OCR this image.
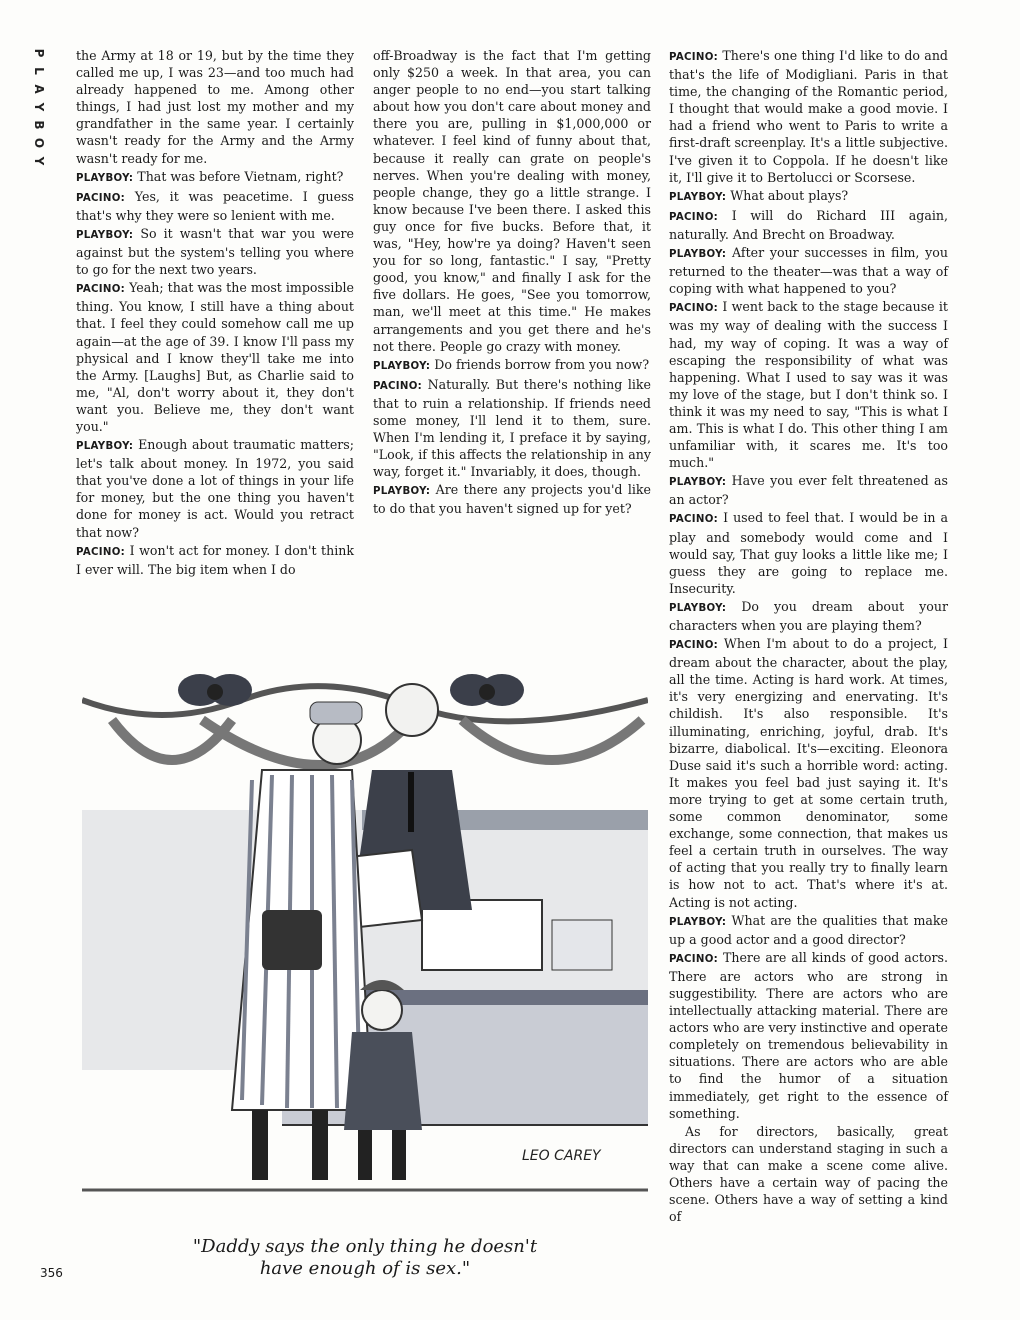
P
L
A
Y
B
O
Y

the Army at 18 or 19, but by the time they called me up, I was 23—and too much had already happened to me. Among other things, I had just lost my mother and my grandfather in the same year. I certainly wasn't ready for the Army and the Army wasn't ready for me.

PLAYBOY: That was before Vietnam, right?

PACINO: Yes, it was peacetime. I guess that's why they were so lenient with me.

PLAYBOY: So it wasn't that war you were against but the system's telling you where to go for the next two years.

PACINO: Yeah; that was the most impossible thing. You know, I still have a thing about that. I feel they could somehow call me up again—at the age of 39. I know I'll pass my physical and I know they'll take me into the Army. [Laughs] But, as Charlie said to me, "Al, don't worry about it, they don't want you. Believe me, they don't want you."

PLAYBOY: Enough about traumatic matters; let's talk about money. In 1972, you said that you've done a lot of things in your life for money, but the one thing you haven't done for money is act. Would you retract that now?

PACINO: I won't act for money. I don't think I ever will. The big item when I do

off-Broadway is the fact that I'm getting only $250 a week. In that area, you can anger people to no end—you start talking about how you don't care about money and there you are, pulling in $1,000,000 or whatever. I feel kind of funny about that, because it really can grate on people's nerves. When you're dealing with money, people change, they go a little strange. I know because I've been there. I asked this guy once for five bucks. Before that, it was, "Hey, how're ya doing? Haven't seen you for so long, fantastic." I say, "Pretty good, you know," and finally I ask for the five dollars. He goes, "See you tomorrow, man, we'll meet at this time." He makes arrangements and you get there and he's not there. People go crazy with money.

PLAYBOY: Do friends borrow from you now?

PACINO: Naturally. But there's nothing like that to ruin a relationship. If friends need some money, I'll lend it to them, sure. When I'm lending it, I preface it by saying, "Look, if this affects the relationship in any way, forget it." Invariably, it does, though.

PLAYBOY: Are there any projects you'd like to do that you haven't signed up for yet?

PACINO: There's one thing I'd like to do and that's the life of Modigliani. Paris in that time, the changing of the Romantic period, I thought that would make a good movie. I had a friend who went to Paris to write a first-draft screenplay. It's a little subjective. I've given it to Coppola. If he doesn't like it, I'll give it to Bertolucci or Scorsese.

PLAYBOY: What about plays?

PACINO: I will do Richard III again, naturally. And Brecht on Broadway.

PLAYBOY: After your successes in film, you returned to the theater—was that a way of coping with what happened to you?

PACINO: I went back to the stage because it was my way of dealing with the success I had, my way of coping. It was a way of escaping the responsibility of what was happening. What I used to say was it was my love of the stage, but I don't think so. I think it was my need to say, "This is what I am. This is what I do. This other thing I am unfamiliar with, it scares me. It's too much."

PLAYBOY: Have you ever felt threatened as an actor?

PACINO: I used to feel that. I would be in a play and somebody would come and I would say, That guy looks a little like me; I guess they are going to replace me. Insecurity.

PLAYBOY: Do you dream about your characters when you are playing them?

PACINO: When I'm about to do a project, I dream about the character, about the play, all the time. Acting is hard work. At times, it's very energizing and enervating. It's childish. It's also responsible. It's illuminating, enriching, joyful, drab. It's bizarre, diabolical. It's—exciting. Eleonora Duse said it's such a horrible word: acting. It makes you feel bad just saying it. It's more trying to get at some certain truth, some common denominator, some exchange, some connection, that makes us feel a certain truth in ourselves. The way of acting that you really try to finally learn is how not to act. That's where it's at. Acting is not acting.

PLAYBOY: What are the qualities that make up a good actor and a good director?

PACINO: There are all kinds of good actors. There are actors who are strong in suggestibility. There are actors who are intellectually attacking material. There are actors who are very instinctive and operate completely on tremendous believability in situations. There are actors who are able to find the humor of a situation immediately, get right to the essence of something.

As for directors, basically, great directors can understand staging in such a way that can make a scene come alive. Others have a certain way of pacing the scene. Others have a way of setting a kind of

LEO CAREY
"Daddy says the only thing he doesn't
have enough of is sex."
356
